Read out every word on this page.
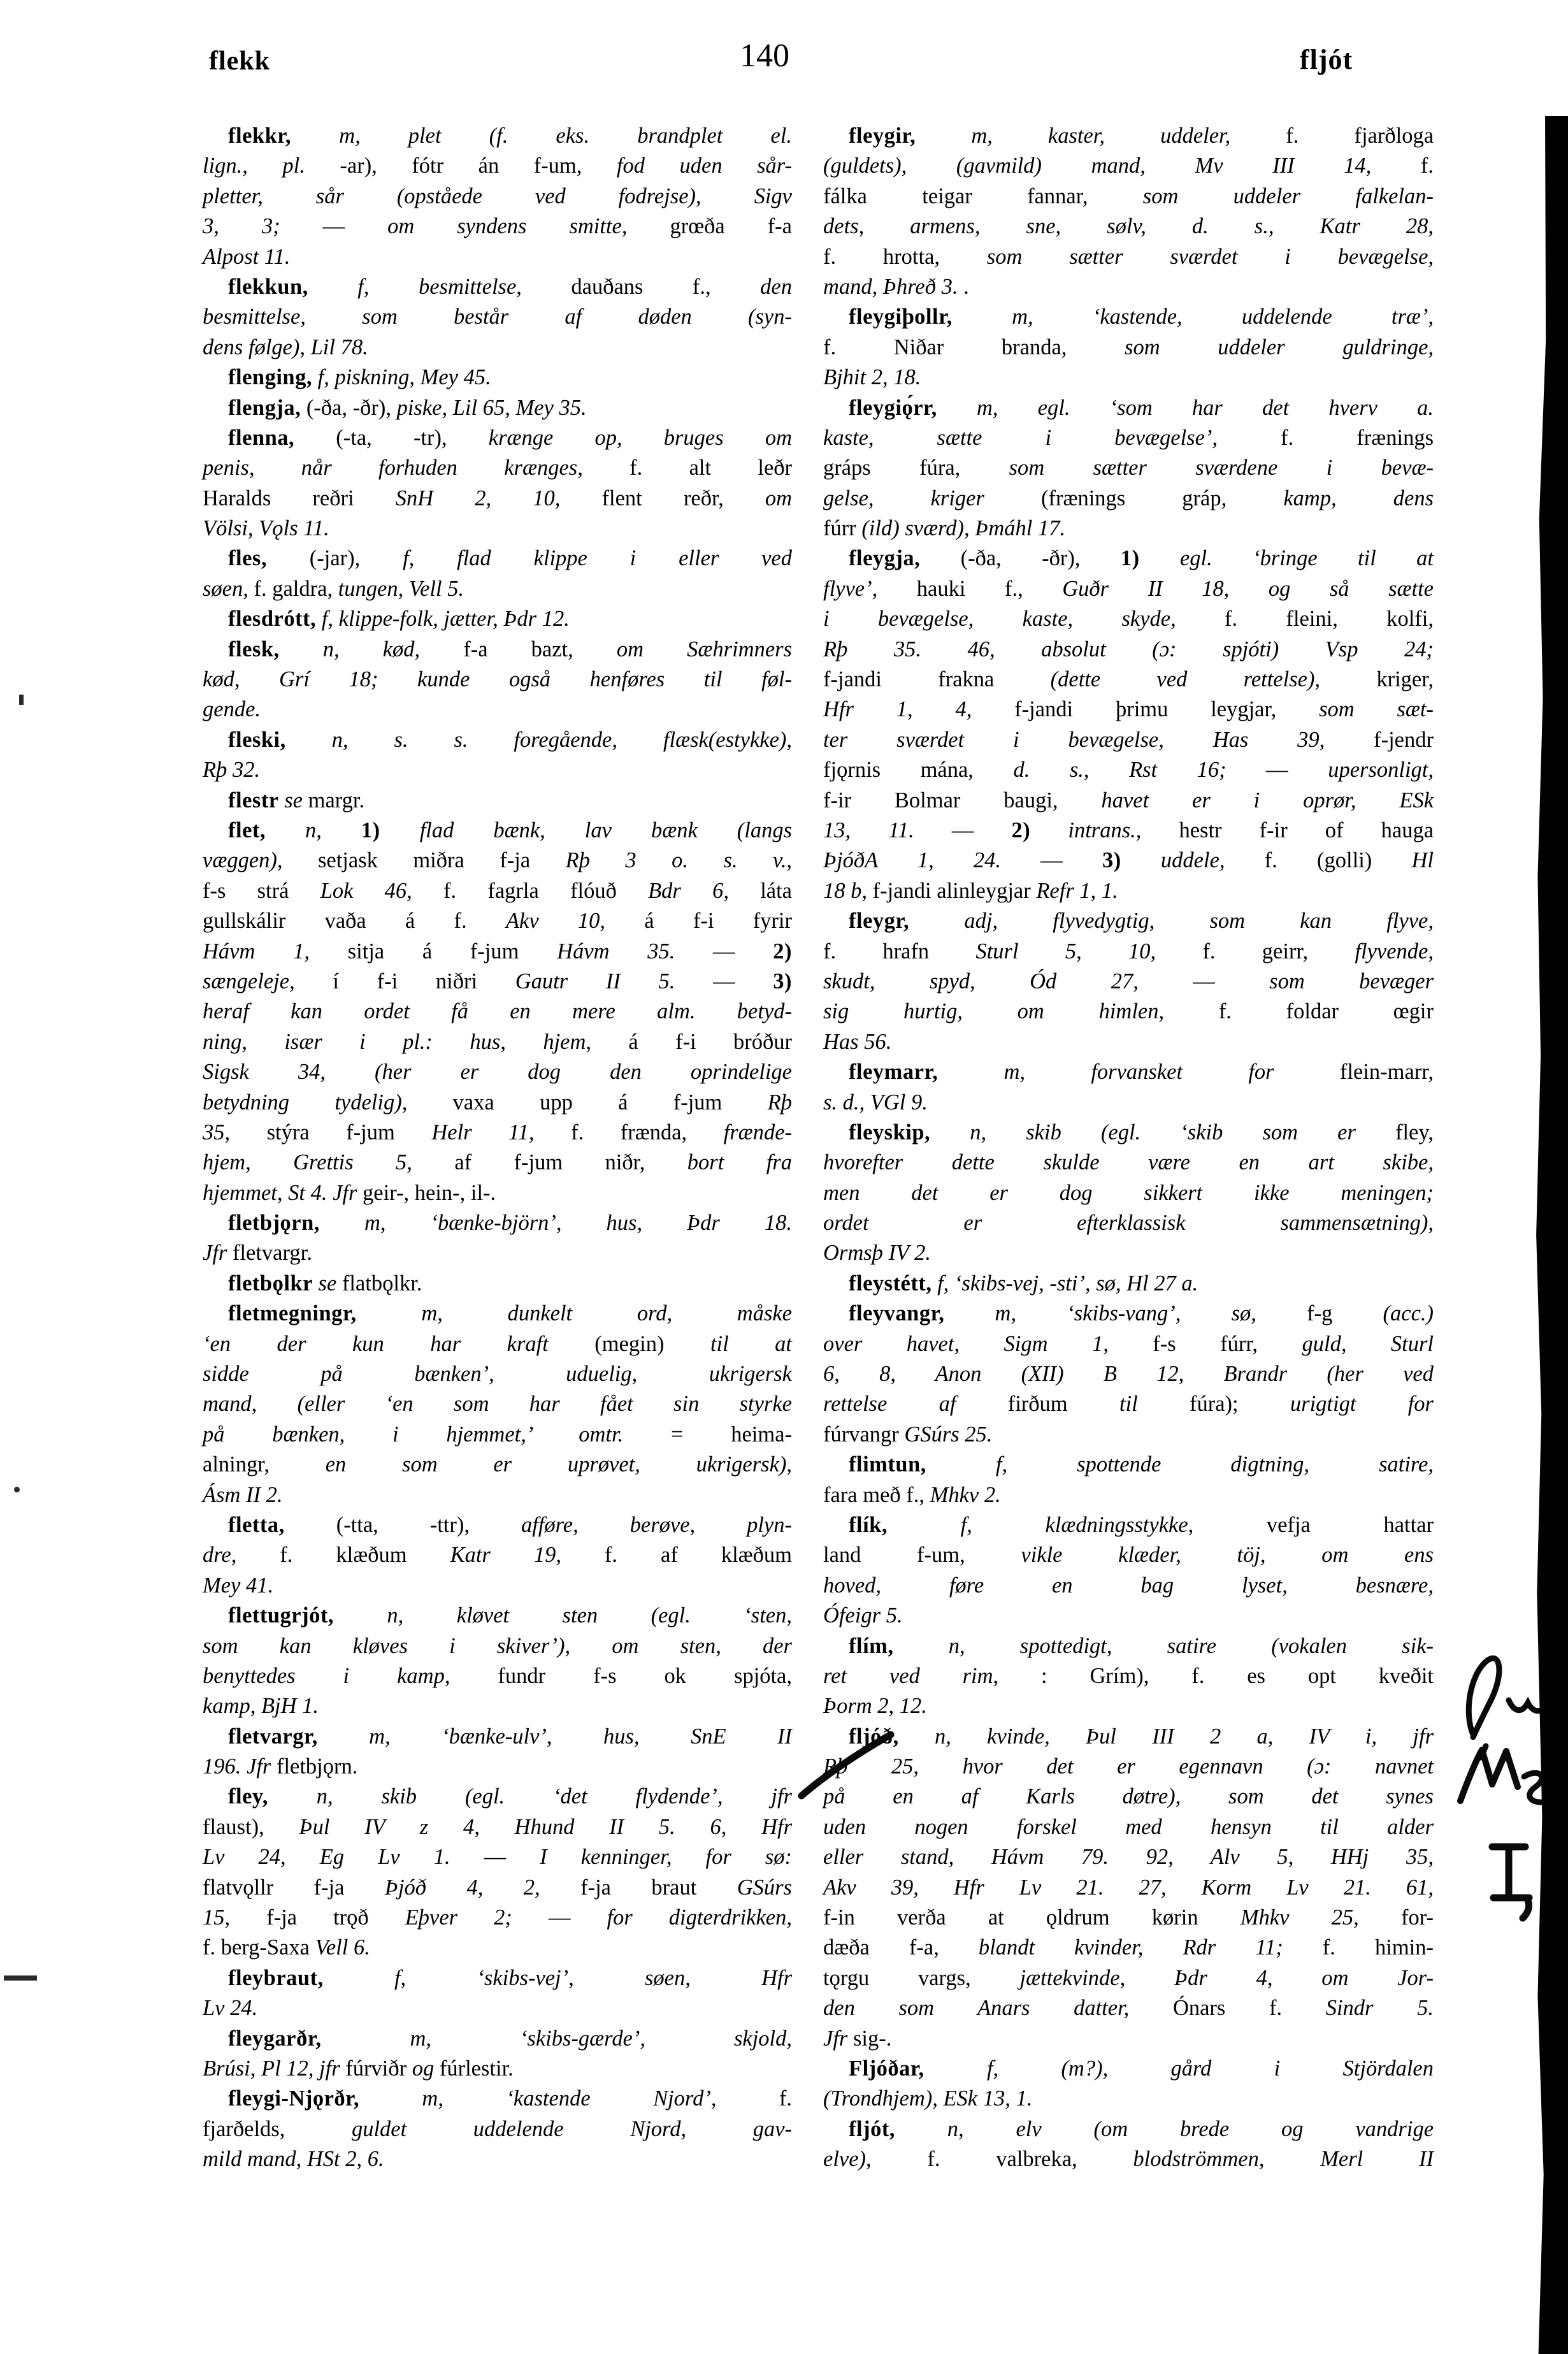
flekk	140	fljót
flekkr, m, plet (f. eks. brandplet el.
lign., pl. -ar), fótr án f-um, fod uden sår-
pletter, sår (opståede ved fodrejse), Sigv
3, 3; — om syndens smitte, grœða f-a
Alpost 11.
flekkun, f, besmittelse, dauðans f., den
besmittelse, som består af døden (syn-
dens følge), Lil 78.
flenging, f, piskning, Mey 45.
flengja, (-ða, -ðr), piske, Lil 65, Mey 35.
flenna, (-ta, -tr), krænge op, bruges om
penis, når forhuden krænges, f. alt leðr
Haralds reðri SnH 2, 10, flent reðr, om
Völsi, Vǫls 11.
fles, (-jar), f, flad klippe i eller ved
søen, f. galdra, tungen, Vell 5.
flesdrótt, f, klippe-folk, jætter, Þdr 12.
flesk, n, kød, f-a bazt, om Sæhrimners
kød, Grí 18; kunde også henføres til føl-
gende.
fleski, n, s. s. foregående, flæsk(estykke),
Rþ 32.
flestr se margr.
flet, n, 1) flad bænk, lav bænk (langs
væggen), setjask miðra f-ja Rþ 3 o. s. v.,
f-s strá Lok 46, f. fagrla flóuð Bdr 6, láta
gullskálir vaða á f. Akv 10, á f-i fyrir
Hávm 1, sitja á f-jum Hávm 35. — 2)
sængeleje, í f-i niðri Gautr II 5. — 3)
heraf kan ordet få en mere alm. betyd-
ning, især i pl.: hus, hjem, á f-i bróður
Sigsk 34, (her er dog den oprindelige
betydning tydelig), vaxa upp á f-jum Rþ
35, stýra f-jum Helr 11, f. frænda, frænde-
hjem, Grettis 5, af f-jum niðr, bort fra
hjemmet, St 4. Jfr geir-, hein-, il-.
fletbjǫrn, m, ‘bænke-björn’, hus, Þdr 18.
Jfr fletvargr.
fletbǫlkr se flatbǫlkr.
fletmegningr,	m,	dunkelt ord, måske
‘en der kun har kraft (megin) til at
sidde på bænken’, uduelig, ukrigersk
mand, (eller ‘en som har fået sin styrke
på bænken, i hjemmet,’ omtr. = heima-
alningr, en som er uprøvet, ukrigersk),
Ásm II 2.
fletta, (-tta, -ttr), afføre, berøve, plyn-
dre, f. klæðum Katr 19, f. af klæðum
Mey 41.
flettugrjót, n, kløvet sten (egl. ‘sten,
som kan kløves i skiver’), om sten, der
benyttedes i kamp, fundr f-s ok spjóta,
kamp, BjH 1.
fletvargr, m, ‘bænke-ulv’, hus, SnE II
196. Jfr fletbjǫrn.
fley, n, skib (egl. ‘det flydende’, jfr
flaust), Þul IV z 4, Hhund II 5. 6, Hfr
Lv 24, Eg Lv 1. — I kenninger, for sø:
flatvǫllr f-ja Þjóð 4, 2, f-ja braut GSúrs
15, f-ja trǫð Eþver 2; — for digterdrikken,
f. berg-Saxa Vell 6.
fleybraut,	f,	‘skibs-vej’,	søen,	Hfr
Lv 24.
fleygarðr,	m,	‘skibs-gærde’,	skjold,
Brúsi, Pl 12, jfr fúrviðr og fúrlestir.
fleygi-Njǫrðr,	m,	‘kastende Njord’, f.
fjarðelds, guldet uddelende Njord, gav-
mild mand, HSt 2, 6.
fleygir,	m, kaster, uddeler, f. fjarðloga
(guldets), (gavmild) mand, Mv III 14, f.
fálka teigar fannar, som uddeler falkelan-
dets, armens, sne, sølv, d. s., Katr 28,
f. hrotta, som sætter sværdet i bevægelse,
mand, Þhreð 3. .
fleygiþollr,	m, ‘kastende, uddelende træ’,
f. Niðar branda, som uddeler guldringe,
Bjhit 2, 18.
fleygiǫ́rr, m, egl. ‘som har det hverv a.
kaste, sætte i bevægelse’, f. frænings
gráps fúra, som sætter sværdene i bevæ-
gelse, kriger (frænings gráp, kamp, dens
fúrr (ild) sværd), Þmáhl 17.
fleygja, (-ða, -ðr), 1) egl. ‘bringe til at
flyve’, hauki f., Guðr II 18, og så sætte
i bevægelse, kaste, skyde, f. fleini, kolfi,
Rþ 35. 46, absolut (ɔ: spjóti) Vsp 24;
f-jandi frakna (dette ved rettelse), kriger,
Hfr 1, 4, f-jandi þrimu leygjar, som sæt-
ter sværdet i bevægelse, Has 39, f-jendr
fjǫrnis mána, d. s., Rst 16; — upersonligt,
f-ir Bolmar baugi, havet er i oprør, ESk
13, 11. — 2) intrans., hestr f-ir of hauga
ÞjóðA 1, 24. — 3) uddele, f. (golli) Hl
18 b, f-jandi alinleygjar Refr 1, 1.
fleygr, adj, flyvedygtig, som kan flyve,
f. hrafn Sturl 5, 10, f. geirr, flyvende,
skudt, spyd, Ód 27, — som bevæger
sig hurtig, om himlen, f. foldar œgir
Has 56.
fleymarr,	m, forvansket for flein-marr,
s. d., VGl 9.
fleyskip, n, skib (egl. ‘skib som er fley,
hvorefter dette skulde være en art skibe,
men det er dog sikkert ikke meningen;
ordet er efterklassisk sammensætning),
Ormsþ IV 2.
fleystétt, f, ‘skibs-vej, -sti’, sø, Hl 27 a.
fleyvangr, m, ‘skibs-vang’, sø, f-g (acc.)
over havet, Sigm 1, f-s fúrr, guld, Sturl
6, 8, Anon (XII) B 12, Brandr (her ved
rettelse af firðum til fúra); urigtigt for
fúrvangr GSúrs 25.
flimtun,	f, spottende digtning, satire,
fara með f., Mhkv 2.
flík,	f, klædningsstykke, vefja hattar
land f-um, vikle klæder, töj, om ens
hoved, føre en bag lyset, besnære,
Ófeigr 5.
flím, n, spottedigt, satire (vokalen sik-
ret ved rim, : Grím), f. es opt kveðit
Þorm 2, 12.
fljóð, n, kvinde, Þul III 2 a, IV i, jfr
Rþ 25, hvor det er egennavn (ɔ: navnet
på en af Karls døtre), som det synes
uden nogen forskel med hensyn til alder
eller stand, Hávm 79. 92, Alv 5, HHj 35,
Akv 39, Hfr Lv 21. 27, Korm Lv 21. 61,
f-in verða at ǫldrum kørin Mhkv 25, for-
dæða f-a, blandt kvinder, Rdr 11; f. himin-
tǫrgu vargs, jættekvinde, Þdr 4, om Jor-
den som Anars datter, Ónars f. Sindr 5.
Jfr sig-.
Fljóðar,	f, (m?), gård i Stjördalen
(Trondhjem), ESk 13, 1.
fljót, n, elv (om brede og vandrige
elve), f. valbreka, blodströmmen, Merl II
